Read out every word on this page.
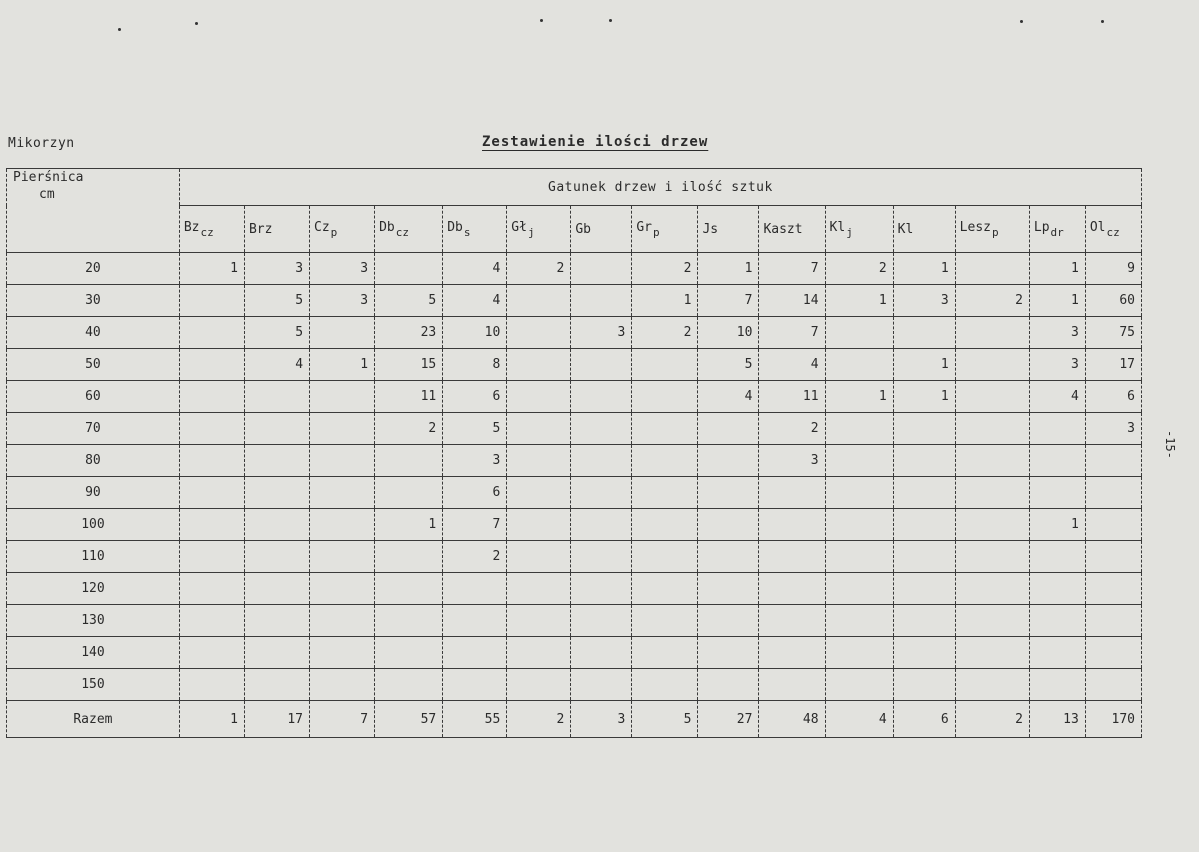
Mikorzyn	Zestawienie ilości drzew
-15-
Pierśnica
cm	Gatunek drzew i ilość sztuk														
	$Bz_{cz}$	Brz	$Cz_p$	$Db_{cz}$	$Db_s$	$Gł_j$	Gb	$Gr_p$	Js	Kaszt	$Kl_j$	Kl	Lesz$_p$	$Lp_{dr}$	$Ol_{cz}$
20	1	3	3		4	2		2	1	7	2	1		1	9
30		5	3	5	4			1	7	14	1	3	2	1	60
40		5		23	10		3	2	10	7				3	75
50		4	1	15	8				5	4		1		3	17
60				11	6				4	11	1	1		4	6
70				2	5					2					3
80					3					3					
90					6										
100				1	7									1	
110					2										
120															
130															
140															
150															
Razem	1	17	7	57	55	2	3	5	27	48	4	6	2	13	170
